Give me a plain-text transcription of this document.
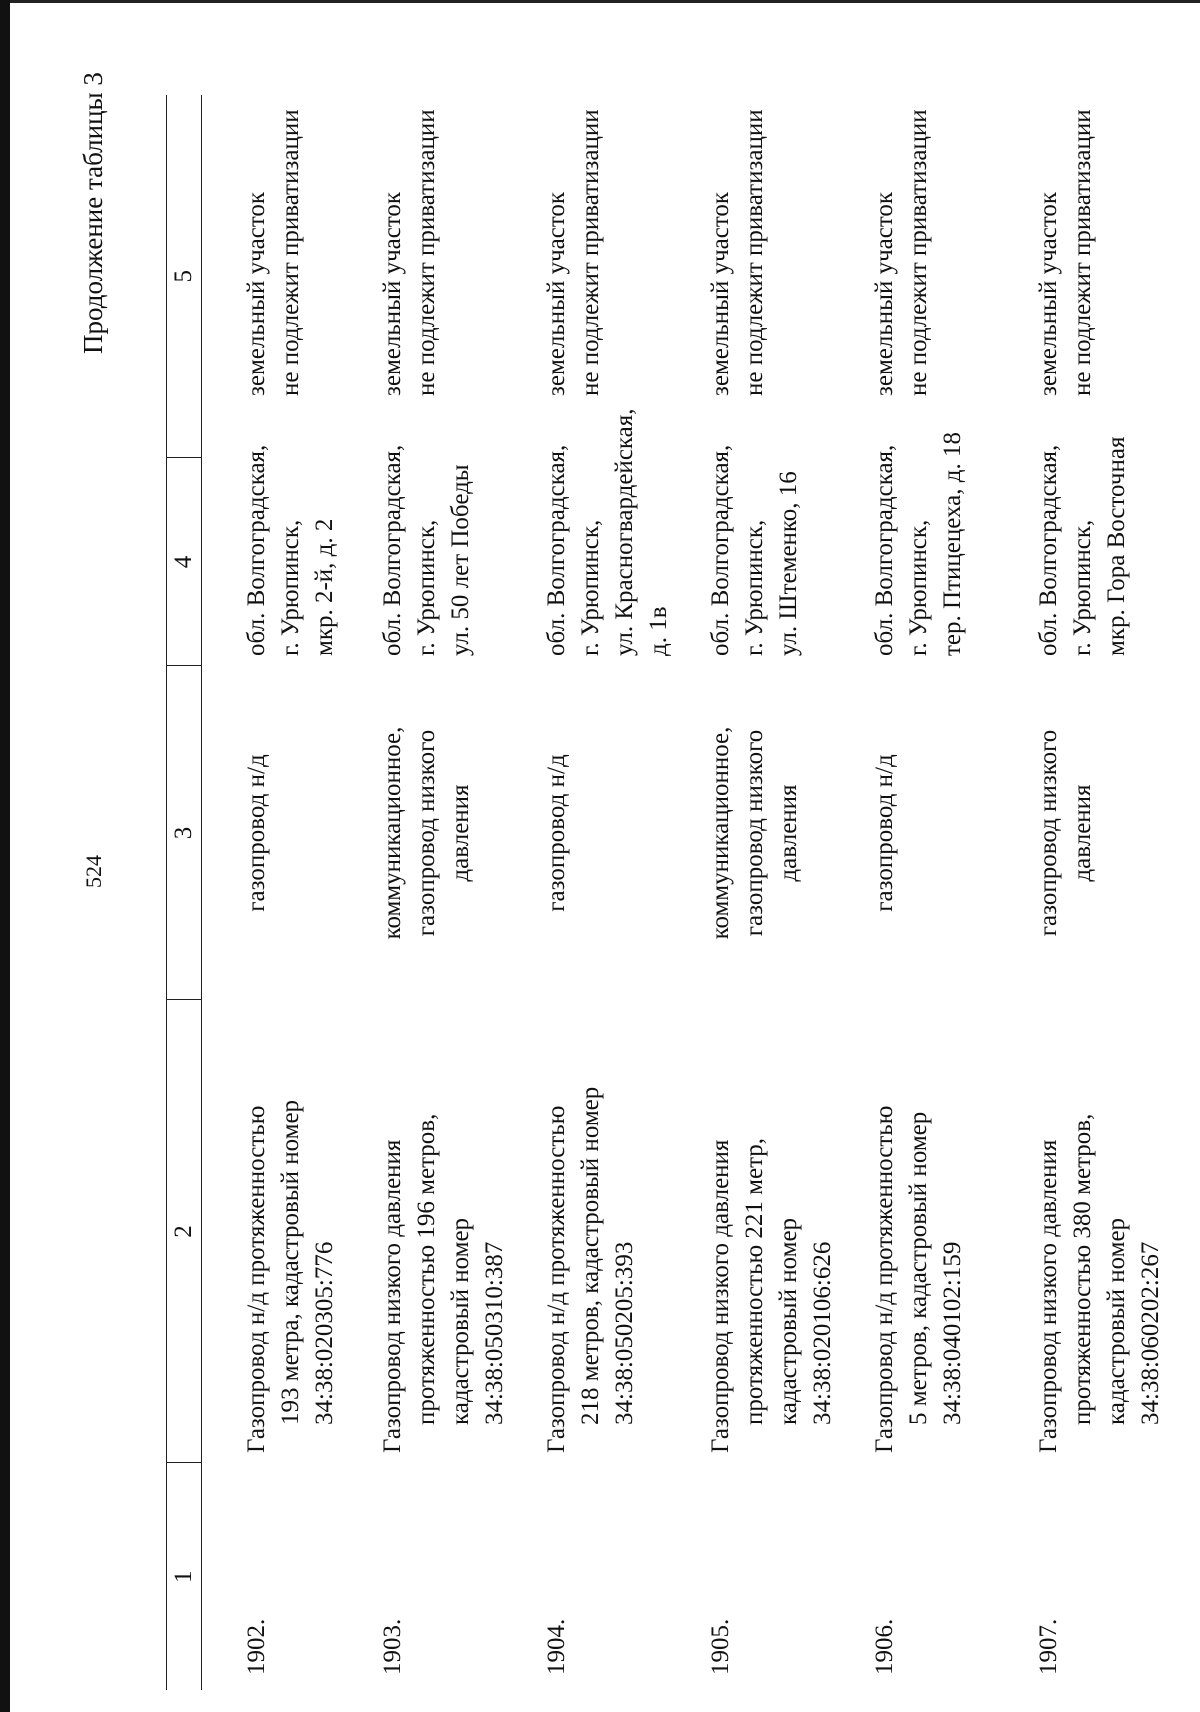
524
Продолжение таблицы 3
1	2	3	4	5
1902.	Газопровод н/д протяженностью 193 метра, кадастровый номер 34:38:020305:776	газопровод н/д	обл. Волгоградская, г. Урюпинск, мкр. 2-й, д. 2	земельный участок не подлежит приватизации

1903.	Газопровод низкого давления протяженностью 196 метров, кадастровый номер 34:38:050310:387	коммуникационное, газопровод низкого давления	обл. Волгоградская, г. Урюпинск, ул. 50 лет Победы	земельный участок не подлежит приватизации

1904.	Газопровод н/д протяженностью 218 метров, кадастровый номер 34:38:050205:393	газопровод н/д	обл. Волгоградская, г. Урюпинск, ул. Красногвардейская, д. 1в	земельный участок не подлежит приватизации

1905.	Газопровод низкого давления протяженностью 221 метр, кадастровый номер 34:38:020106:626	коммуникационное, газопровод низкого давления	обл. Волгоградская, г. Урюпинск, ул. Штеменко, 16	земельный участок не подлежит приватизации

1906.	Газопровод н/д протяженностью 5 метров, кадастровый номер 34:38:040102:159	газопровод н/д	обл. Волгоградская, г. Урюпинск, тер. Птицецеха, д. 18	земельный участок не подлежит приватизации

1907.	Газопровод низкого давления протяженностью 380 метров, кадастровый номер 34:38:060202:267	газопровод низкого давления	обл. Волгоградская, г. Урюпинск, мкр. Гора Восточная	земельный участок не подлежит приватизации
